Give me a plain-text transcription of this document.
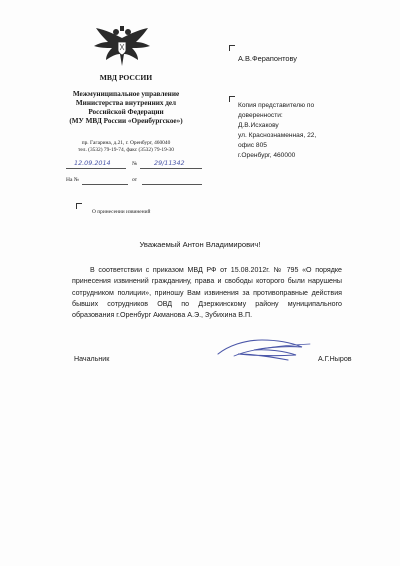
МВД РОССИИ
Межмуниципальное управление
Министерства внутренних дел
Российской Федерации
(МУ МВД России «Оренбургское»)
пр. Гагарина, д.21, г. Оренбург, 460040
тел. (3532) 79-19-74, факс (3532) 79-19-30
12.09.2014	№	29/11342
На №	от
О принесении извинений
А.В.Ферапонтову
Копия представителю по
доверенности:
Д.В.Исхакову
ул. Краснознаменная, 22,
офис 805
г.Оренбург, 460000
Уважаемый Антон Владимирович!
В соответствии с приказом МВД РФ от 15.08.2012г. № 795 «О порядке принесения извинений гражданину, права и свободы которого были нарушены сотрудником полиции», приношу Вам извинения за противоправные действия бывших сотрудников ОВД по Дзержинскому району муниципального образования г.Оренбург Акманова А.Э., Зубихина В.П.
Начальник	А.Г.Ныров
